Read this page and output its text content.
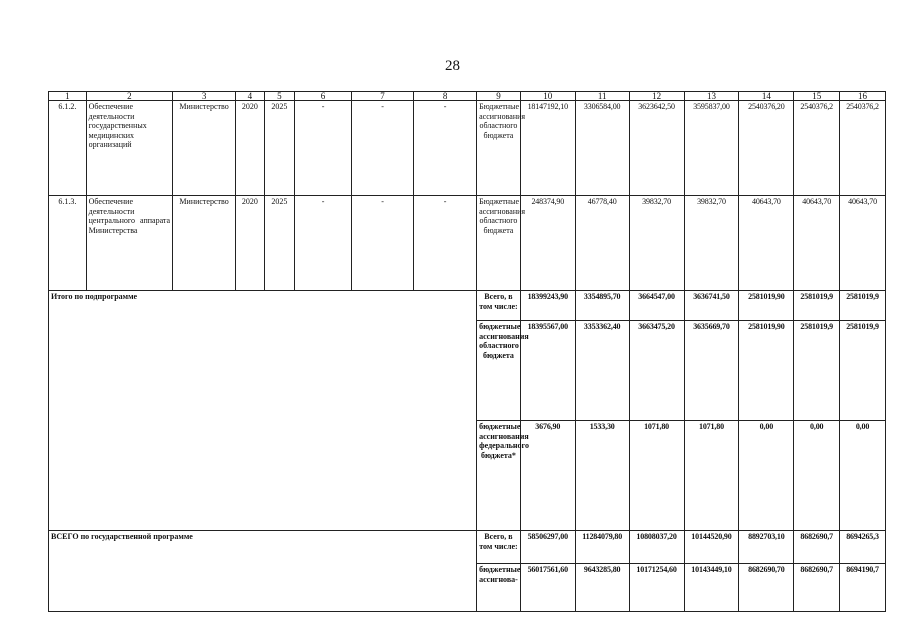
28
1	2	3	4	5	6	7	8	9	10	11	12	13	14	15	16
6.1.2.	Обеспечение деятельности государственных медицинских организаций	Министерство	2020	2025	-	-	-	Бюджетные ассигнования областного бюджета	18147192,10	3306584,00	3623642,50	3595837,00	2540376,20	2540376,2	2540376,2
6.1.3.	Обеспечение деятельности центрального аппарата Министерства	Министерство	2020	2025	-	-	-	Бюджетные ассигнования областного бюджета	248374,90	46778,40	39832,70	39832,70	40643,70	40643,70	40643,70
Итого по подпрограмме								Всего, в том числе:	18399243,90	3354895,70	3664547,00	3636741,50	2581019,90	2581019,9	2581019,9
								бюджетные ассигнования областного бюджета	18395567,00	3353362,40	3663475,20	3635669,70	2581019,90	2581019,9	2581019,9
								бюджетные ассигнования федерального бюджета*	3676,90	1533,30	1071,80	1071,80	0,00	0,00	0,00
ВСЕГО по государственной программе								Всего, в том числе:	58506297,00	11284079,80	10808037,20	10144520,90	8892703,10	8682690,7	8694265,3
								бюджетные ассигнова-	56017561,60	9643285,80	10171254,60	10143449,10	8682690,70	8682690,7	8694190,7
